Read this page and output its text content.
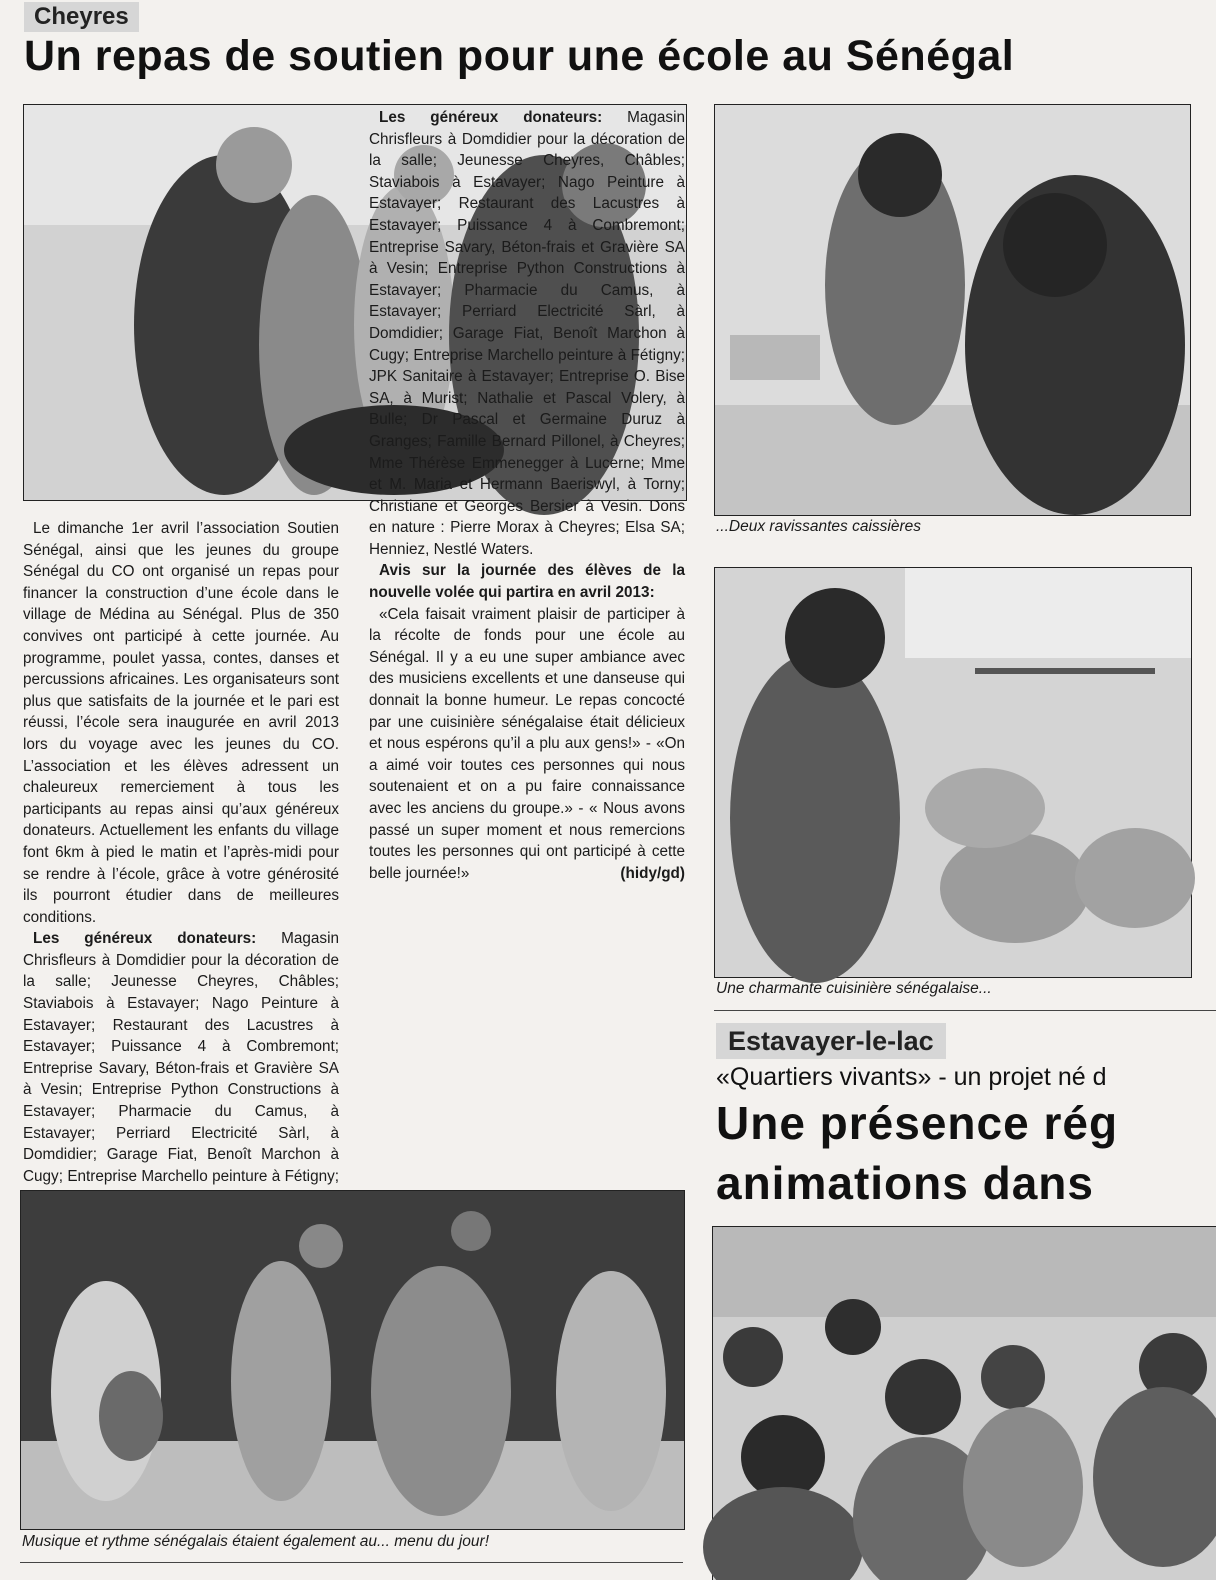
Cheyres
Un repas de soutien pour une école au Sénégal
...Deux ravissantes caissières
Une charmante cuisinière sénégalaise...

Le dimanche 1er avril l’association Soutien Sénégal, ainsi que les jeunes du groupe Sénégal du CO ont organisé un repas pour financer la construction d’une école dans le village de Médina au Sénégal. Plus de 350 convives ont participé à cette journée. Au programme, poulet yassa, contes, danses et percussions africaines. Les organisateurs sont plus que satisfaits de la journée et le pari est réussi, l’école sera inaugurée en avril 2013 lors du voyage avec les jeunes du CO. L’association et les élèves adressent un chaleureux remerciement à tous les participants au repas ainsi qu’aux généreux donateurs. Actuellement les enfants du village font 6km à pied le matin et l’après-midi pour se rendre à l’école, grâce à votre générosité ils pourront étudier dans de meilleures conditions.

Les généreux donateurs: Magasin Chrisfleurs à Domdidier pour la décoration de la salle; Jeunesse Cheyres, Châbles; Staviabois à Estavayer; Nago Peinture à Estavayer; Restaurant des Lacustres à Estavayer; Puissance 4 à Combremont; Entreprise Savary, Béton-frais et Gravière SA à Vesin; Entreprise Python Constructions à Estavayer; Pharmacie du Camus, à Estavayer; Perriard Electricité Sàrl, à Domdidier; Garage Fiat, Benoît Marchon à Cugy; Entreprise Marchello peinture à Fétigny;

Les généreux donateurs: Magasin Chrisfleurs à Domdidier pour la décoration de la salle; Jeunesse Cheyres, Châbles; Staviabois à Estavayer; Nago Peinture à Estavayer; Restaurant des Lacustres à Estavayer; Puissance 4 à Combremont; Entreprise Savary, Béton-frais et Gravière SA à Vesin; Entreprise Python Constructions à Estavayer; Pharmacie du Camus, à Estavayer; Perriard Electricité Sàrl, à Domdidier; Garage Fiat, Benoît Marchon à Cugy; Entreprise Marchello peinture à Fétigny; JPK Sanitaire à Estavayer; Entreprise O. Bise SA, à Murist; Nathalie et Pascal Volery, à Bulle; Dr Pascal et Germaine Duruz à Granges; Famille Bernard Pillonel, à Cheyres; Mme Thérèse Emmenegger à Lucerne; Mme et M. Maria et Hermann Baeriswyl, à Torny; Christiane et Georges Bersier à Vesin. Dons en nature : Pierre Morax à Cheyres; Elsa SA; Henniez, Nestlé Waters.

Avis sur la journée des élèves de la nouvelle volée qui partira en avril 2013:

«Cela faisait vraiment plaisir de participer à la récolte de fonds pour une école au Sénégal. Il y a eu une super ambiance avec des musiciens excellents et une danseuse qui donnait la bonne humeur. Le repas concocté par une cuisinière sénégalaise était délicieux et nous espérons qu’il a plu aux gens!» - «On a aimé voir toutes ces personnes qui nous soutenaient et on a pu faire connaissance avec les anciens du groupe.» - « Nous avons passé un super moment et nous remercions toutes les personnes qui ont participé à cette belle journée!»	(hidy/gd)

Musique et rythme sénégalais étaient également au... menu du jour!
Estavayer-le-lac
«Quartiers vivants» - un projet né d
Une présence rég
animations dans
